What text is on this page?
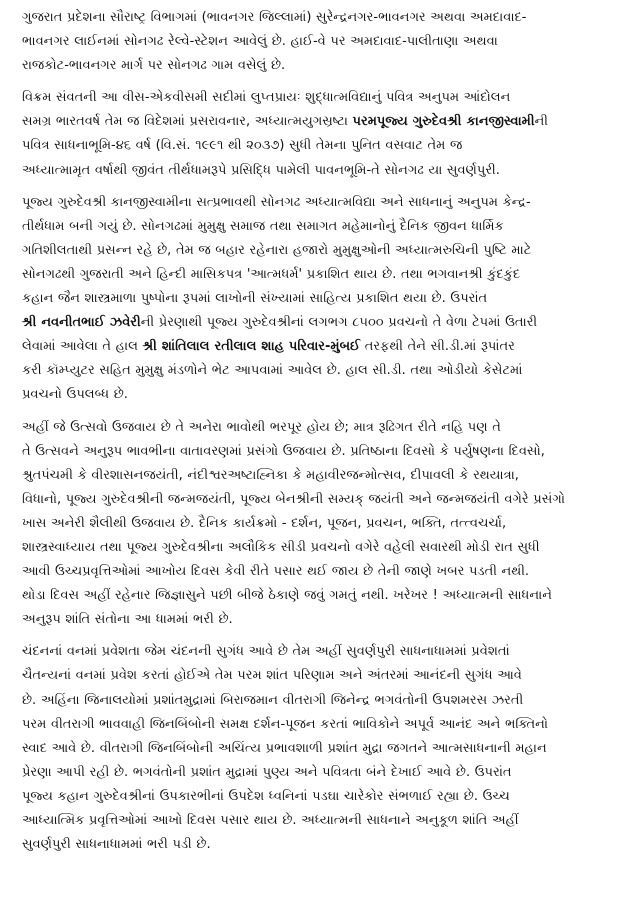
ગુજરાત પ્રદેશના સૌરાષ્ટ્ર વિભાગમાં (ભાવનગર જિલ્લામાં) સુરેન્દ્રનગર-ભાવનગર અથવા અમદાવાદ-
ભાવનગર લાઈનમાં સોનગઢ રેલ્વે-સ્ટેશન આવેલું છે. હાઈ-વે પર અમદાવાદ-પાલીતાણા અથવા
રાજકોટ-ભાવનગર માર્ગ પર સોનગઢ ગામ વસેલું છે.
વિક્રમ સંવતની આ વીસ-એકવીસમી સદીમાં લુપ્તપ્રાયઃ શુદ્ધાત્મવિદ્યાનું પવિત્ર અનુપમ આંદોલન
સમગ્ર ભારતવર્ષ તેમ જ વિદેશમાં પ્રસરાવનાર, અધ્યાત્મયુગસ્રષ્ટા પરમપૂજ્ય ગુરુદેવશ્રી કાનજીસ્વામીની
પવિત્ર સાધનાભૂમિ-૪૬ વર્ષ (વિ.સં. ૧૯૯૧ થી ૨૦૩૭) સુધી તેમના પુનિત વસવાટ તેમ જ
અધ્યાત્મામૃત વર્ષાથી જીવંત તીર્થધામરૂપે પ્રસિદ્ધિ પામેલી પાવનભૂમિ-તે સોનગઢ યા સુવર્ણપુરી.
પૂજ્ય ગુરુદેવશ્રી કાનજીસ્વામીના સત્પ્રભાવથી સોનગઢ અધ્યાત્મવિદ્યા અને સાધનાનું અનુપમ કેન્દ્ર-
તીર્થધામ બની ગયું છે. સોનગઢમાં મુમુક્ષુ સમાજ તથા સમાગત મહેમાનોનું દૈનિક જીવન ધાર્મિક
ગતિશીલતાથી પ્રસન્ન રહે છે, તેમ જ બહાર રહેનારા હજારો મુમુક્ષુઓની અધ્યાત્મરુચિની પુષ્ટિ માટે
સોનગઢથી ગુજરાતી અને હિન્દી માસિકપત્ર 'આત્મધર્મ' પ્રકાશિત થાય છે. તથા ભગવાનશ્રી કુંદકુંદ
કહાન જૈન શાસ્ત્રમાળા પુષ્પોના રૂપમાં લાખોની સંખ્યામાં સાહિત્ય પ્રકાશિત થયા છે. ઉપરાંત
શ્રી નવનીતભાઈ ઝવેરીની પ્રેરણાથી પૂજ્ય ગુરુદેવશ્રીનાં લગભગ ૮૫૦૦ પ્રવચનો તે વેળા ટેપમાં ઉતારી
લેવામાં આવેલા તે હાલ શ્રી શાંતિલાલ રતીલાલ શાહ પરિવાર-મુંબઈ તરફથી તેને સી.ડી.માં રૂપાંતર
કરી કૉમ્પ્યુટર સહિત મુમુક્ષુ મંડળોને ભેટ આપવામાં આવેલ છે. હાલ સી.ડી. તથા ઓડીયો કેસેટમાં
પ્રવચનો ઉપલબ્ધ છે.
અહીં જે ઉત્સવો ઉજવાય છે તે અનેરા ભાવોથી ભરપૂર હોય છે; માત્ર રૂઢિગત રીતે નહિ પણ તે
તે ઉત્સવને અનુરૂપ ભાવભીના વાતાવરણમાં પ્રસંગો ઉજવાય છે. પ્રતિષ્ઠાના દિવસો કે પર્યુષણના દિવસો,
શ્રુતપંચમી કે વીરશાસનજયંતી, નંદીશ્વરઅષ્ટાહ્નિકા કે મહાવીરજન્મોત્સવ, દીપાવલી કે રથયાત્રા,
વિધાનો, પૂજ્ય ગુરુદેવશ્રીની જન્મજયંતી, પૂજ્ય બેનશ્રીની સમ્યક્ જયંતી અને જન્મજયંતી વગેરે પ્રસંગો
ખાસ અનેરી શૈલીથી ઉજવાય છે. દૈનિક કાર્યક્રમો - દર્શન, પૂજન, પ્રવચન, ભક્તિ, તત્ત્વચર્ચા,
શાસ્ત્રસ્વાધ્યાય તથા પૂજ્ય ગુરુદેવશ્રીના અલૌકિક સીડી પ્રવચનો વગેરે વહેલી સવારથી મોડી રાત સુધી
આવી ઉચ્ચપ્રવૃત્તિઓમાં આખોય દિવસ કેવી રીતે પસાર થઈ જાય છે તેની જાણે ખબર પડતી નથી.
થોડા દિવસ અહીં રહેનાર જિજ્ઞાસુને પછી બીજે ઠેકાણે જવું ગમતું નથી. ખરેખર ! અધ્યાત્મની સાધનાને
અનુરૂપ શાંતિ સંતોના આ ધામમાં ભરી છે.
ચંદનનાં વનમાં પ્રવેશતા જેમ ચંદનની સુગંધ આવે છે તેમ અહીં સુવર્ણપુરી સાધનાધામમાં પ્રવેશતાં
ચૈતન્યનાં વનમાં પ્રવેશ કરતાં હોઈએ તેમ પરમ શાંત પરિણામ અને અંતરમાં આનંદની સુગંધ આવે
છે. અહિંના જિનાલયોમાં પ્રશાંતમુદ્રામાં બિરાજમાન વીતરાગી જિનેન્દ્ર ભગવંતોની ઉપશમરસ ઝરતી
પરમ વીતરાગી ભાવવાહી જિનબિંબોની સમક્ષ દર્શન-પૂજન કરતાં ભાવિકોને અપૂર્વ આનંદ અને ભક્તિનો
સ્વાદ આવે છે. વીતરાગી જિનબિંબોની અચિંત્ય પ્રભાવશાળી પ્રશાંત મુદ્રા જગતને આત્મસાધનાની મહાન
પ્રેરણા આપી રહી છે. ભગવંતોની પ્રશાંત મુદ્રામાં પુણ્ય અને પવિત્રતા બંને દેખાઈ આવે છે. ઉપરાંત
પૂજ્ય કહાન ગુરુદેવશ્રીનાં ઉપકારભીનાં ઉપદેશ ધ્વનિનાં પડઘા ચારેકોર સંભળાઈ રહ્યા છે. ઉચ્ચ
આધ્યાત્મિક પ્રવૃત્તિઓમાં આખો દિવસ પસાર થાય છે. અધ્યાત્મની સાધનાને અનુકૂળ શાંતિ અહીં
સુવર્ણપુરી સાધનાધામમાં ભરી પડી છે.
